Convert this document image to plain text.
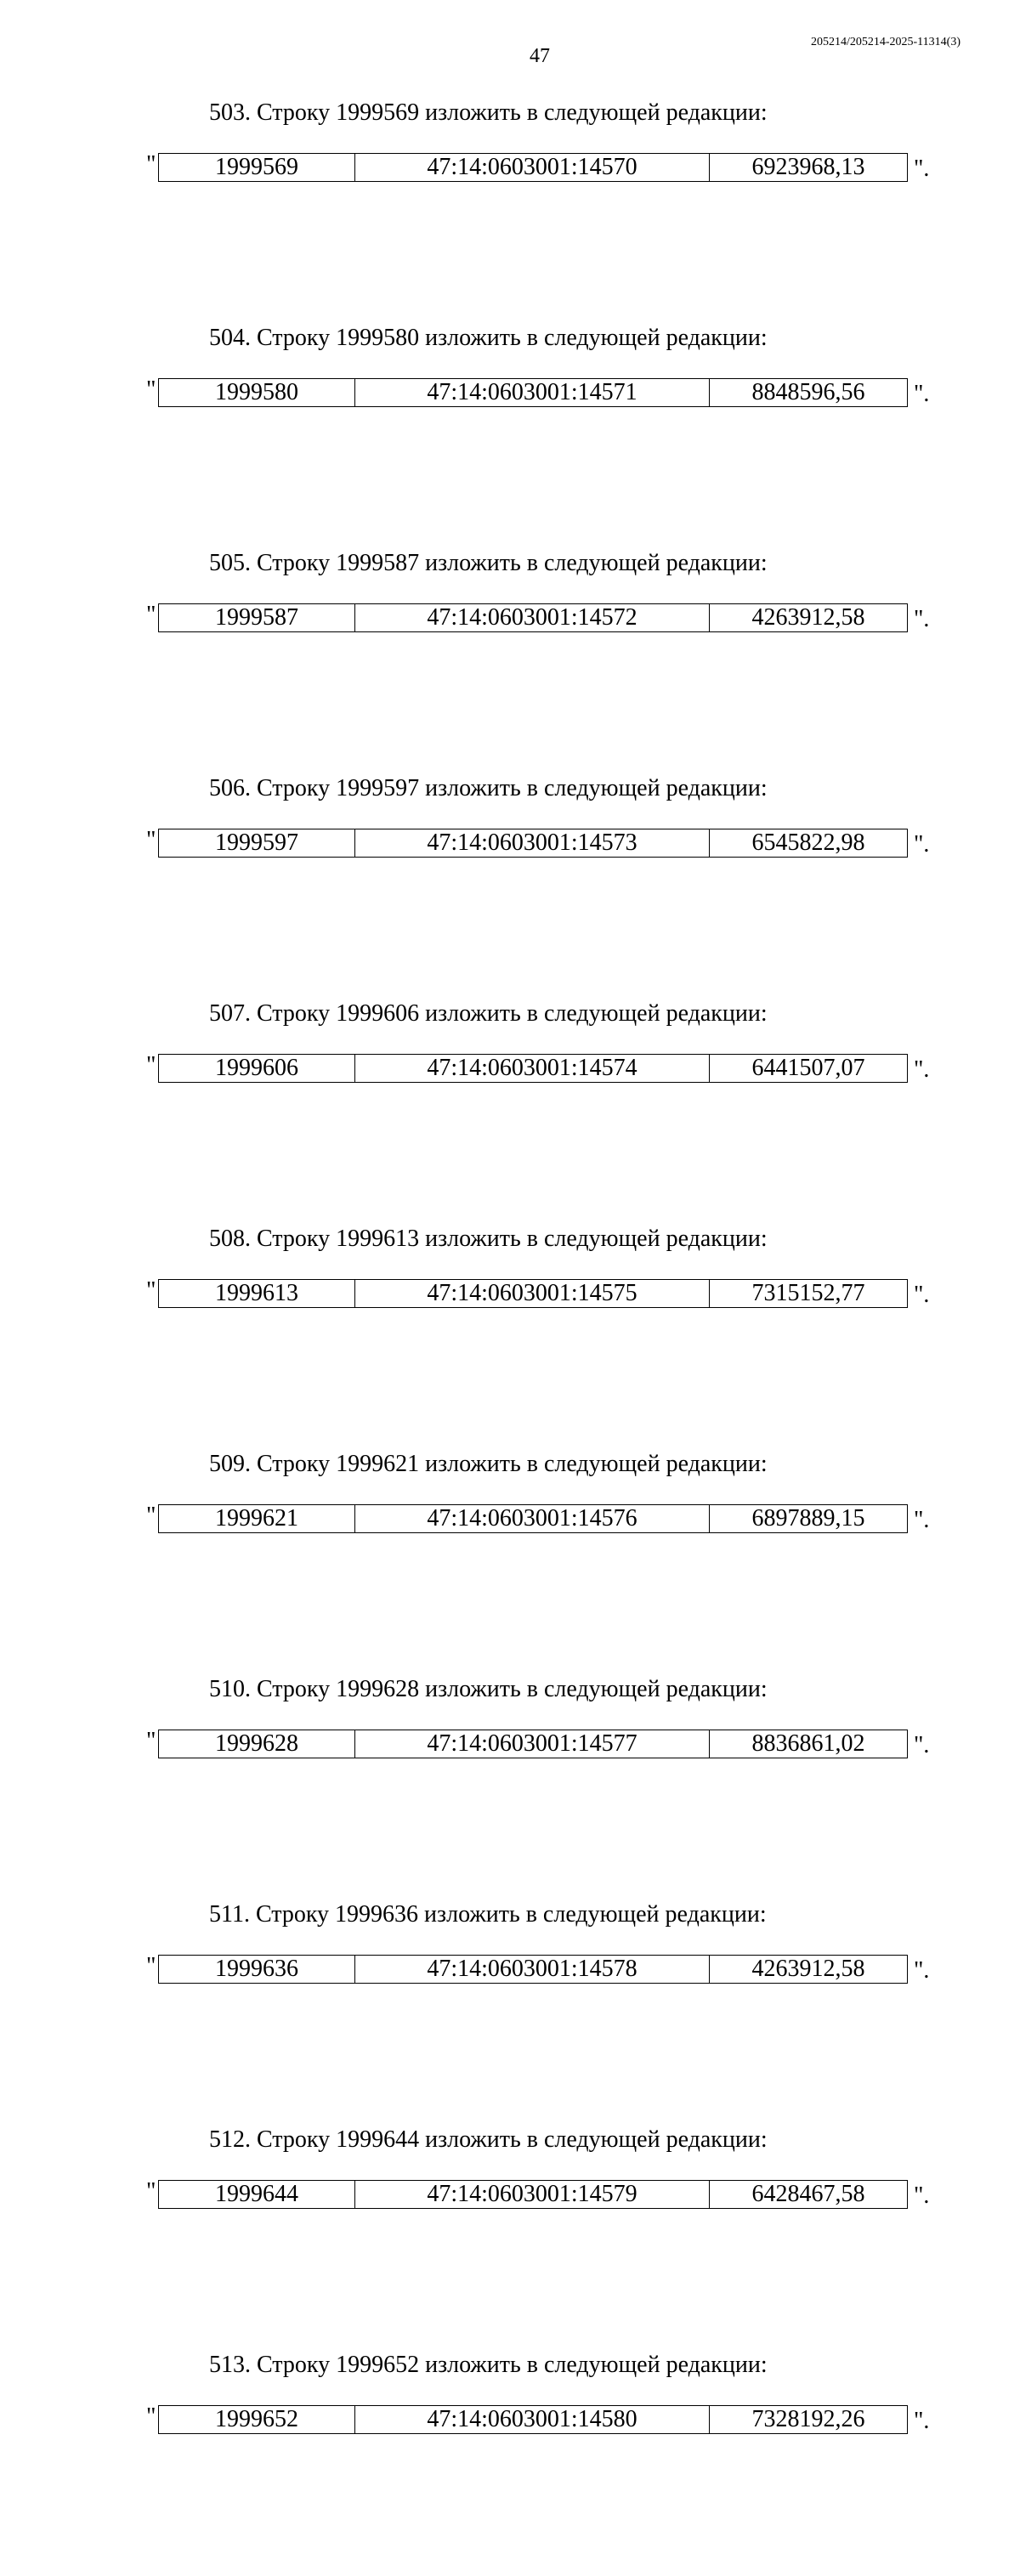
47
205214/205214-2025-11314(3)
503. Строку 1999569 изложить в следующей редакции:
" 1999569	47:14:0603001:14570	6923968,13 ".
504. Строку 1999580 изложить в следующей редакции:
" 1999580	47:14:0603001:14571	8848596,56 ".
505. Строку 1999587 изложить в следующей редакции:
" 1999587	47:14:0603001:14572	4263912,58 ".
506. Строку 1999597 изложить в следующей редакции:
" 1999597	47:14:0603001:14573	6545822,98 ".
507. Строку 1999606 изложить в следующей редакции:
" 1999606	47:14:0603001:14574	6441507,07 ".
508. Строку 1999613 изложить в следующей редакции:
" 1999613	47:14:0603001:14575	7315152,77 ".
509. Строку 1999621 изложить в следующей редакции:
" 1999621	47:14:0603001:14576	6897889,15 ".
510. Строку 1999628 изложить в следующей редакции:
" 1999628	47:14:0603001:14577	8836861,02 ".
511. Строку 1999636 изложить в следующей редакции:
" 1999636	47:14:0603001:14578	4263912,58 ".
512. Строку 1999644 изложить в следующей редакции:
" 1999644	47:14:0603001:14579	6428467,58 ".
513. Строку 1999652 изложить в следующей редакции:
" 1999652	47:14:0603001:14580	7328192,26 ".
